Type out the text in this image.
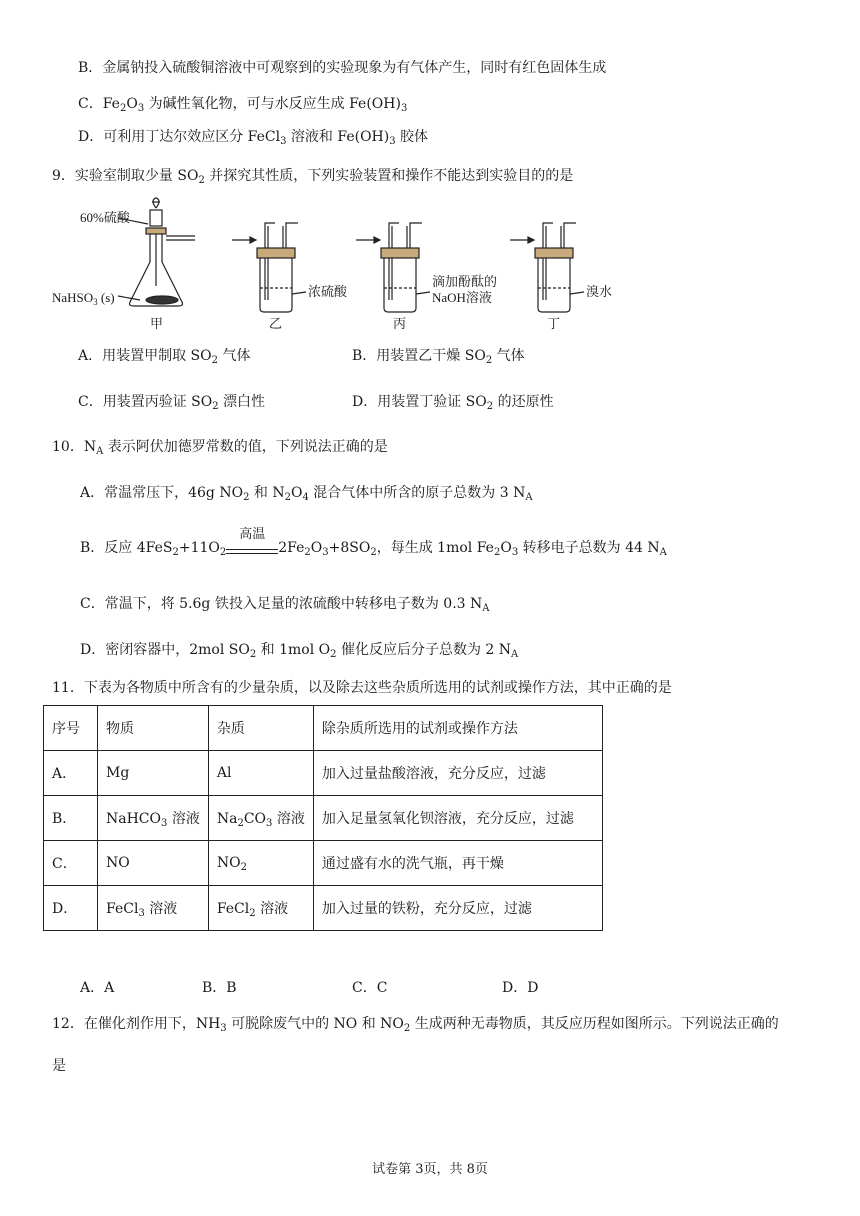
B．金属钠投入硫酸铜溶液中可观察到的实验现象为有气体产生，同时有红色固体生成
C．$Fe_2O_3$ 为碱性氧化物，可与水反应生成 $Fe(OH)_3$
D．可利用丁达尔效应区分 FeCl$_3$ 溶液和 $Fe(OH)_3$ 胶体
9．实验室制取少量 $SO_2$ 并探究其性质，下列实验装置和操作不能达到实验目的的是
60%硫酸
NaHSO$_3$ (s)
甲	乙	丙	丁
浓硫酸
滴加酚酞的
NaOH溶液	溴水
A．用装置甲制取 $SO_2$ 气体	B．用装置乙干燥 $SO_2$ 气体
C．用装置丙验证 $SO_2$ 漂白性	D．用装置丁验证 $SO_2$ 的还原性
10．$N_A$ 表示阿伏加德罗常数的值，下列说法正确的是
A．常温常压下，46g $NO_2$ 和 $N_2O_4$ 混合气体中所含的原子总数为 3 $N_A$
B．反应 $4FeS_2+11O_2$
高温
$2Fe_2O_3+8SO_2$，每生成 1mol $Fe_2O_3$ 转移电子总数为 44 $N_A$
C．常温下，将 5.6g 铁投入足量的浓硫酸中转移电子数为 0.3 $N_A$
D．密闭容器中，2mol $SO_2$ 和 1mol $O_2$ 催化反应后分子总数为 2 $N_A$
11．下表为各物质中所含有的少量杂质，以及除去这些杂质所选用的试剂或操作方法，其中正确的是
序号	物质	杂质	除杂质所选用的试剂或操作方法
A．	Mg	Al	加入过量盐酸溶液，充分反应，过滤
B．	NaHCO$_3$ 溶液	$Na_2CO_3$ 溶液	加入足量氢氧化钡溶液，充分反应，过滤
C．	NO	$NO_2$	通过盛有水的洗气瓶，再干燥
D．	FeCl$_3$ 溶液	FeCl$_2$ 溶液	加入过量的铁粉，充分反应，过滤
A．A	B．B	C．C	D．D
12．在催化剂作用下，$NH_3$ 可脱除废气中的 NO 和 $NO_2$ 生成两种无毒物质，其反应历程如图所示。下列说法正确的
是
试卷第 3页，共 8页
